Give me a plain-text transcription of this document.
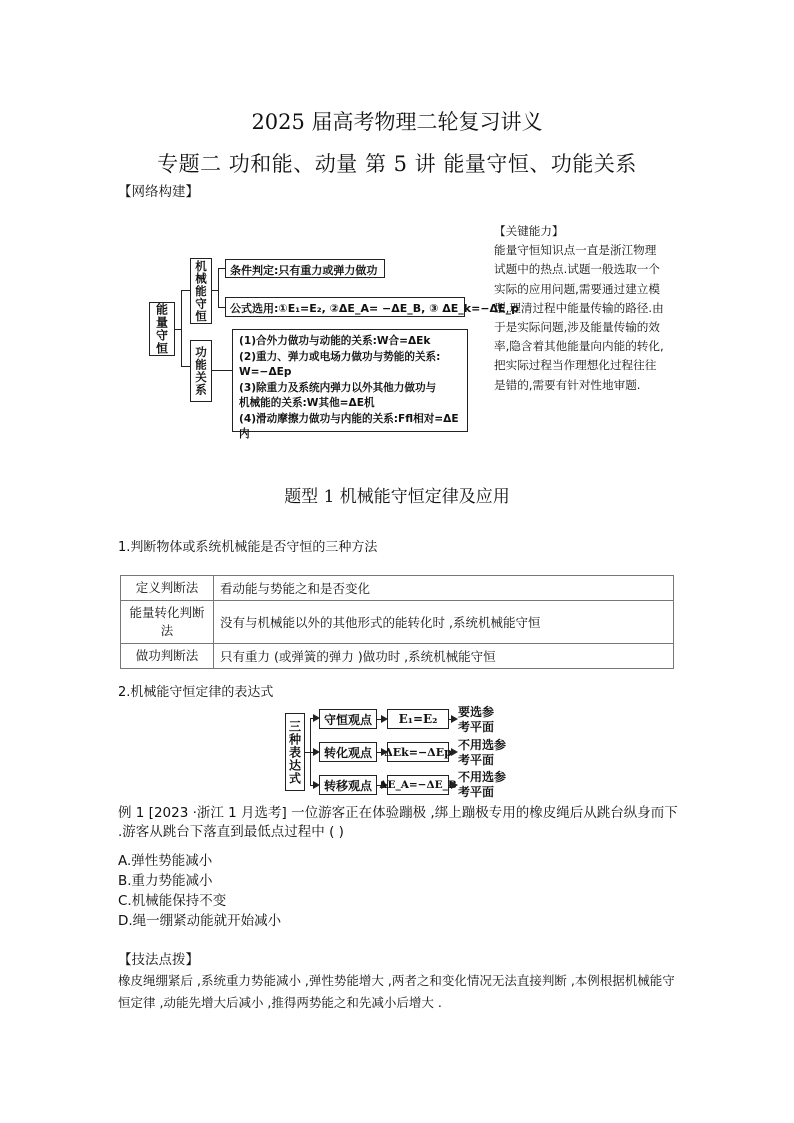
2025 届高考物理二轮复习讲义
专题二 功和能、动量 第 5 讲 能量守恒、功能关系
【网络构建】
能量守恒
机械能守恒	条件判定:只有重力或弹力做功
公式选用:①E₁=E₂, ②ΔE_A= −ΔE_B, ③ ΔE_k=−ΔE_p
功能关系
(1)合外力做功与动能的关系:W合=ΔEk
(2)重力、弹力或电场力做功与势能的关系:
W=−ΔEp
(3)除重力及系统内弹力以外其他力做功与
机械能的关系:W其他=ΔE机
(4)滑动摩擦力做功与内能的关系:Ffl相对=ΔE内
【关键能力】
能量守恒知识点一直是浙江物理试题中的热点.试题一般选取一个实际的应用问题,需要通过建立模型,理清过程中能量传输的路径.由于是实际问题,涉及能量传输的效率,隐含着其他能量向内能的转化,把实际过程当作理想化过程往往是错的,需要有针对性地审题.
题型 1 机械能守恒定律及应用
1.判断物体或系统机械能是否守恒的三种方法
定义判断法	看动能与势能之和是否变化
能量转化判断法	没有与机械能以外的其他形式的能转化时 ,系统机械能守恒
做功判断法	只有重力 (或弹簧的弹力 )做功时 ,系统机械能守恒
2.机械能守恒定律的表达式
三种表达式	守恒观点	E₁=E₂	要选参
考平面
转化观点	ΔEk=−ΔEp 不用选参
考平面
转移观点 ΔE_A=−ΔE_B
不用选参
考平面
例 1 [2023 ·浙江 1 月选考] 一位游客正在体验蹦极 ,绑上蹦极专用的橡皮绳后从跳台纵身而下 .游客从跳台下落直到最低点过程中 ( )
A.弹性势能减小
B.重力势能减小
C.机械能保持不变
D.绳一绷紧动能就开始减小
【技法点拨】
橡皮绳绷紧后 ,系统重力势能减小 ,弹性势能增大 ,两者之和变化情况无法直接判断 ,本例根据机械能守恒定律 ,动能先增大后减小 ,推得两势能之和先减小后增大 .
